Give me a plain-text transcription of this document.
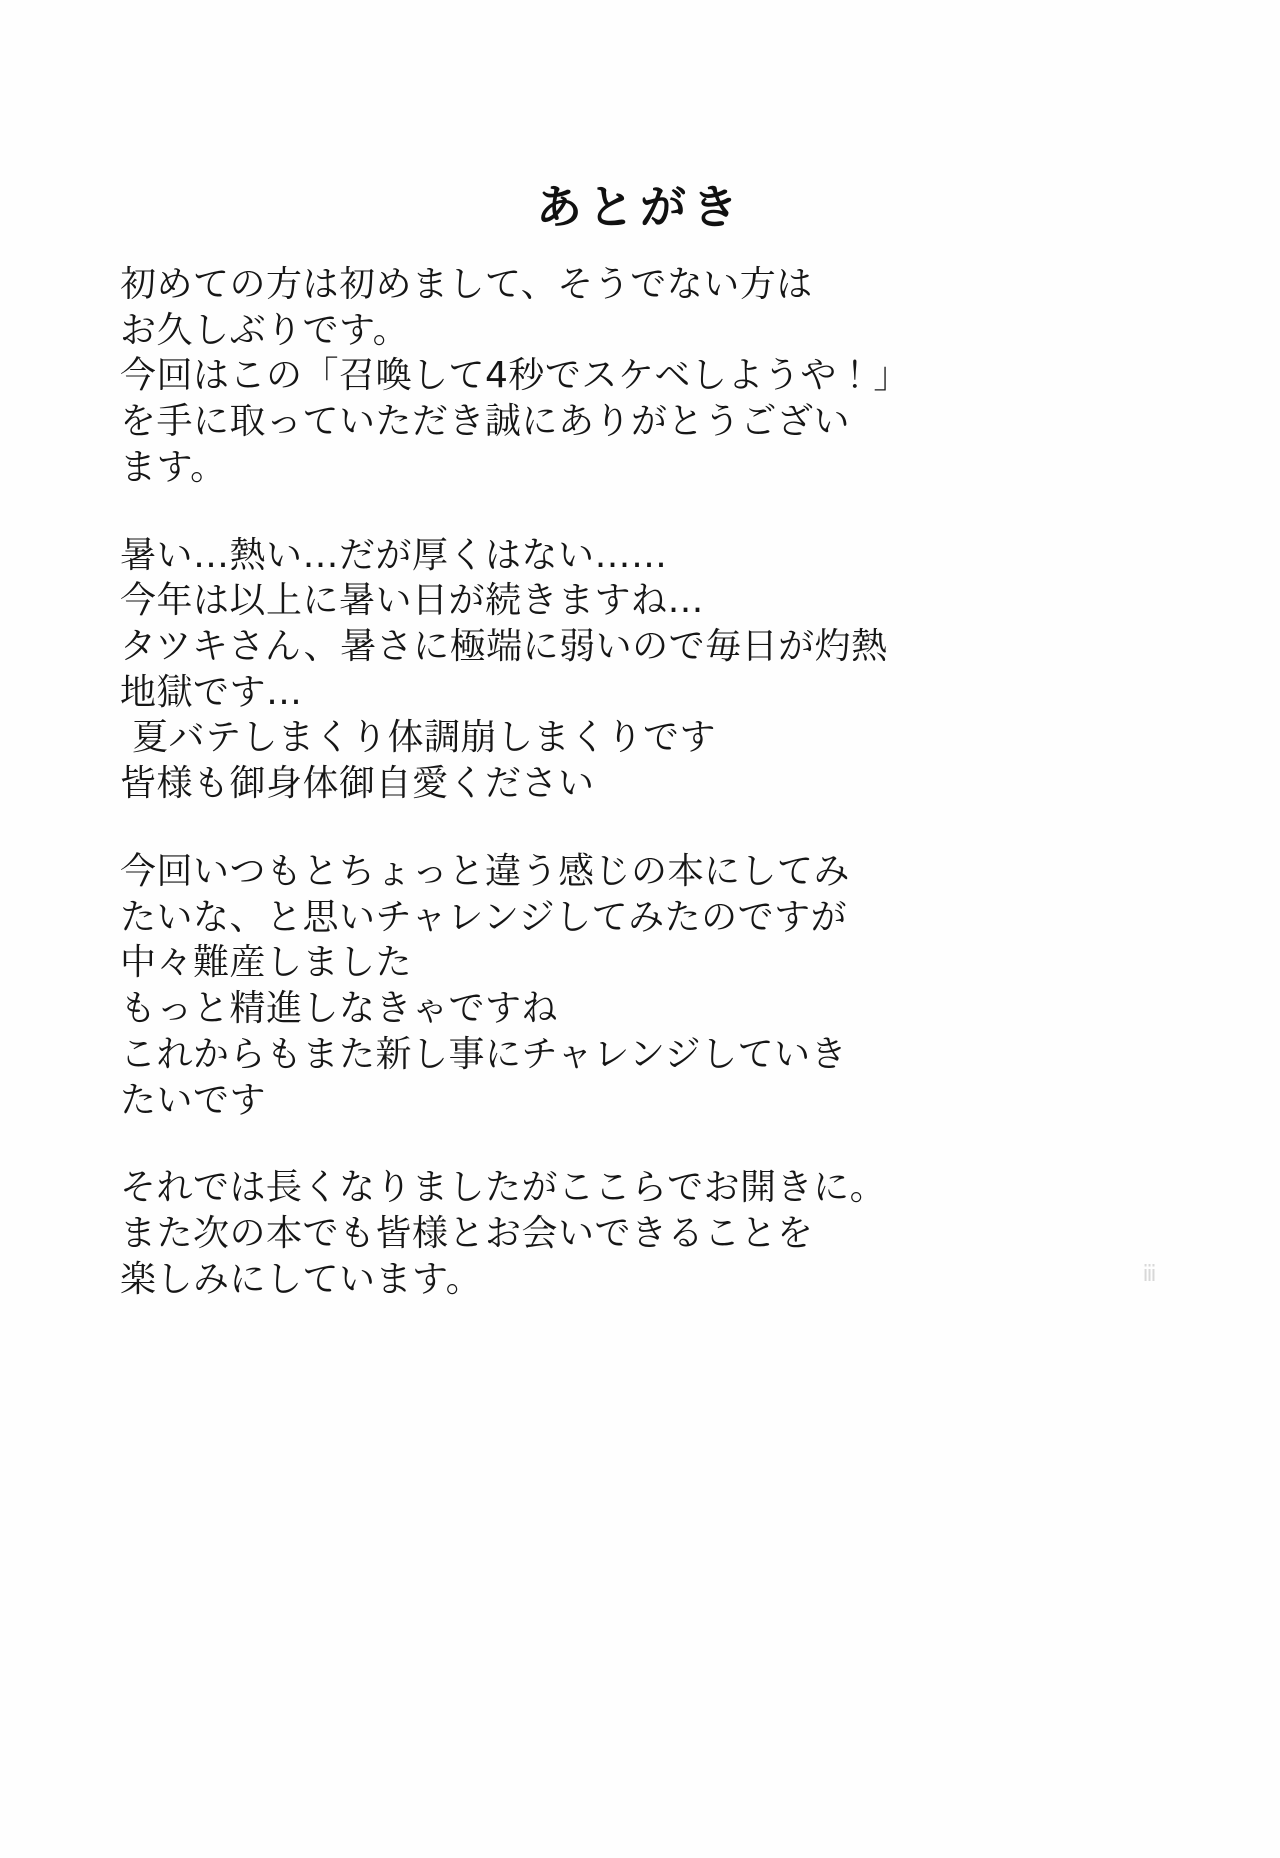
あとがき
初めての方は初めまして、そうでない方は
お久しぶりです。
今回はこの「召喚して4秒でスケベしようや！」
を手に取っていただき誠にありがとうござい
ます。
暑い…熱い…だが厚くはない……
今年は以上に暑い日が続きますね…
タツキさん、暑さに極端に弱いので毎日が灼熱
地獄です…
夏バテしまくり体調崩しまくりです
皆様も御身体御自愛ください
今回いつもとちょっと違う感じの本にしてみ
たいな、と思いチャレンジしてみたのですが
中々難産しました
もっと精進しなきゃですね
これからもまた新し事にチャレンジしていき
たいです
それでは長くなりましたがここらでお開きに。
また次の本でも皆様とお会いできることを
楽しみにしています。	ⅲ
